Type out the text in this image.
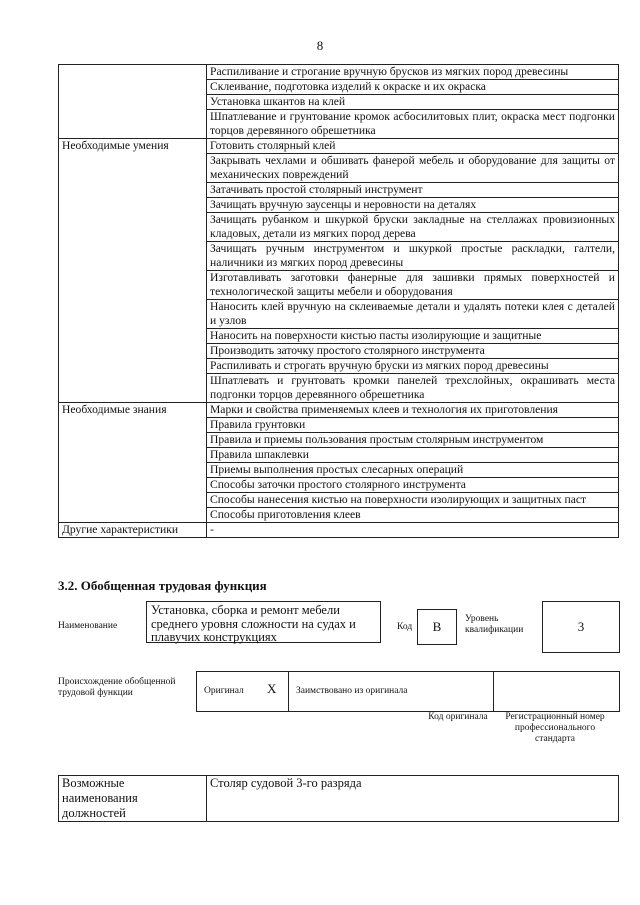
8
	Распиливание и строгание вручную брусков из мягких пород древесины
	Склеивание, подготовка изделий к окраске и их окраска
	Установка шкантов на клей
	Шпатлевание и грунтование кромок асбосилитовых плит, окраска мест подгонки торцов деревянного обрешетника
Необходимые умения	Готовить столярный клей
	Закрывать чехлами и обшивать фанерой мебель и оборудование для защиты от механических повреждений
	Затачивать простой столярный инструмент
	Зачищать вручную заусенцы и неровности на деталях
	Зачищать рубанком и шкуркой бруски закладные на стеллажах провизионных кладовых, детали из мягких пород дерева
	Зачищать ручным инструментом и шкуркой простые раскладки, галтели, наличники из мягких пород древесины
	Изготавливать заготовки фанерные для зашивки прямых поверхностей и технологической защиты мебели и оборудования
	Наносить клей вручную на склеиваемые детали и удалять потеки клея с деталей и узлов
	Наносить на поверхности кистью пасты изолирующие и защитные
	Производить заточку простого столярного инструмента
	Распиливать и строгать вручную бруски из мягких пород древесины
	Шпатлевать и грунтовать кромки панелей трехслойных, окрашивать места подгонки торцов деревянного обрешетника
Необходимые знания	Марки и свойства применяемых клеев и технология их приготовления
	Правила грунтовки
	Правила и приемы пользования простым столярным инструментом
	Правила шпаклевки
	Приемы выполнения простых слесарных операций
	Способы заточки простого столярного инструмента
	Способы нанесения кистью на поверхности изолирующих и защитных паст
	Способы приготовления клеев
Другие характеристики	-
3.2. Обобщенная трудовая функция
Наименование
Установка, сборка и ремонт мебели среднего уровня сложности на судах и плавучих конструкциях
Код	В	Уровень квалификации	3
Происхождение обобщенной трудовой функции	Оригинал Х Заимствовано из оригинала
Код оригинала Регистрационный номер профессионального стандарта
Возможные наименования должностей	Столяр судовой 3-го разряда
